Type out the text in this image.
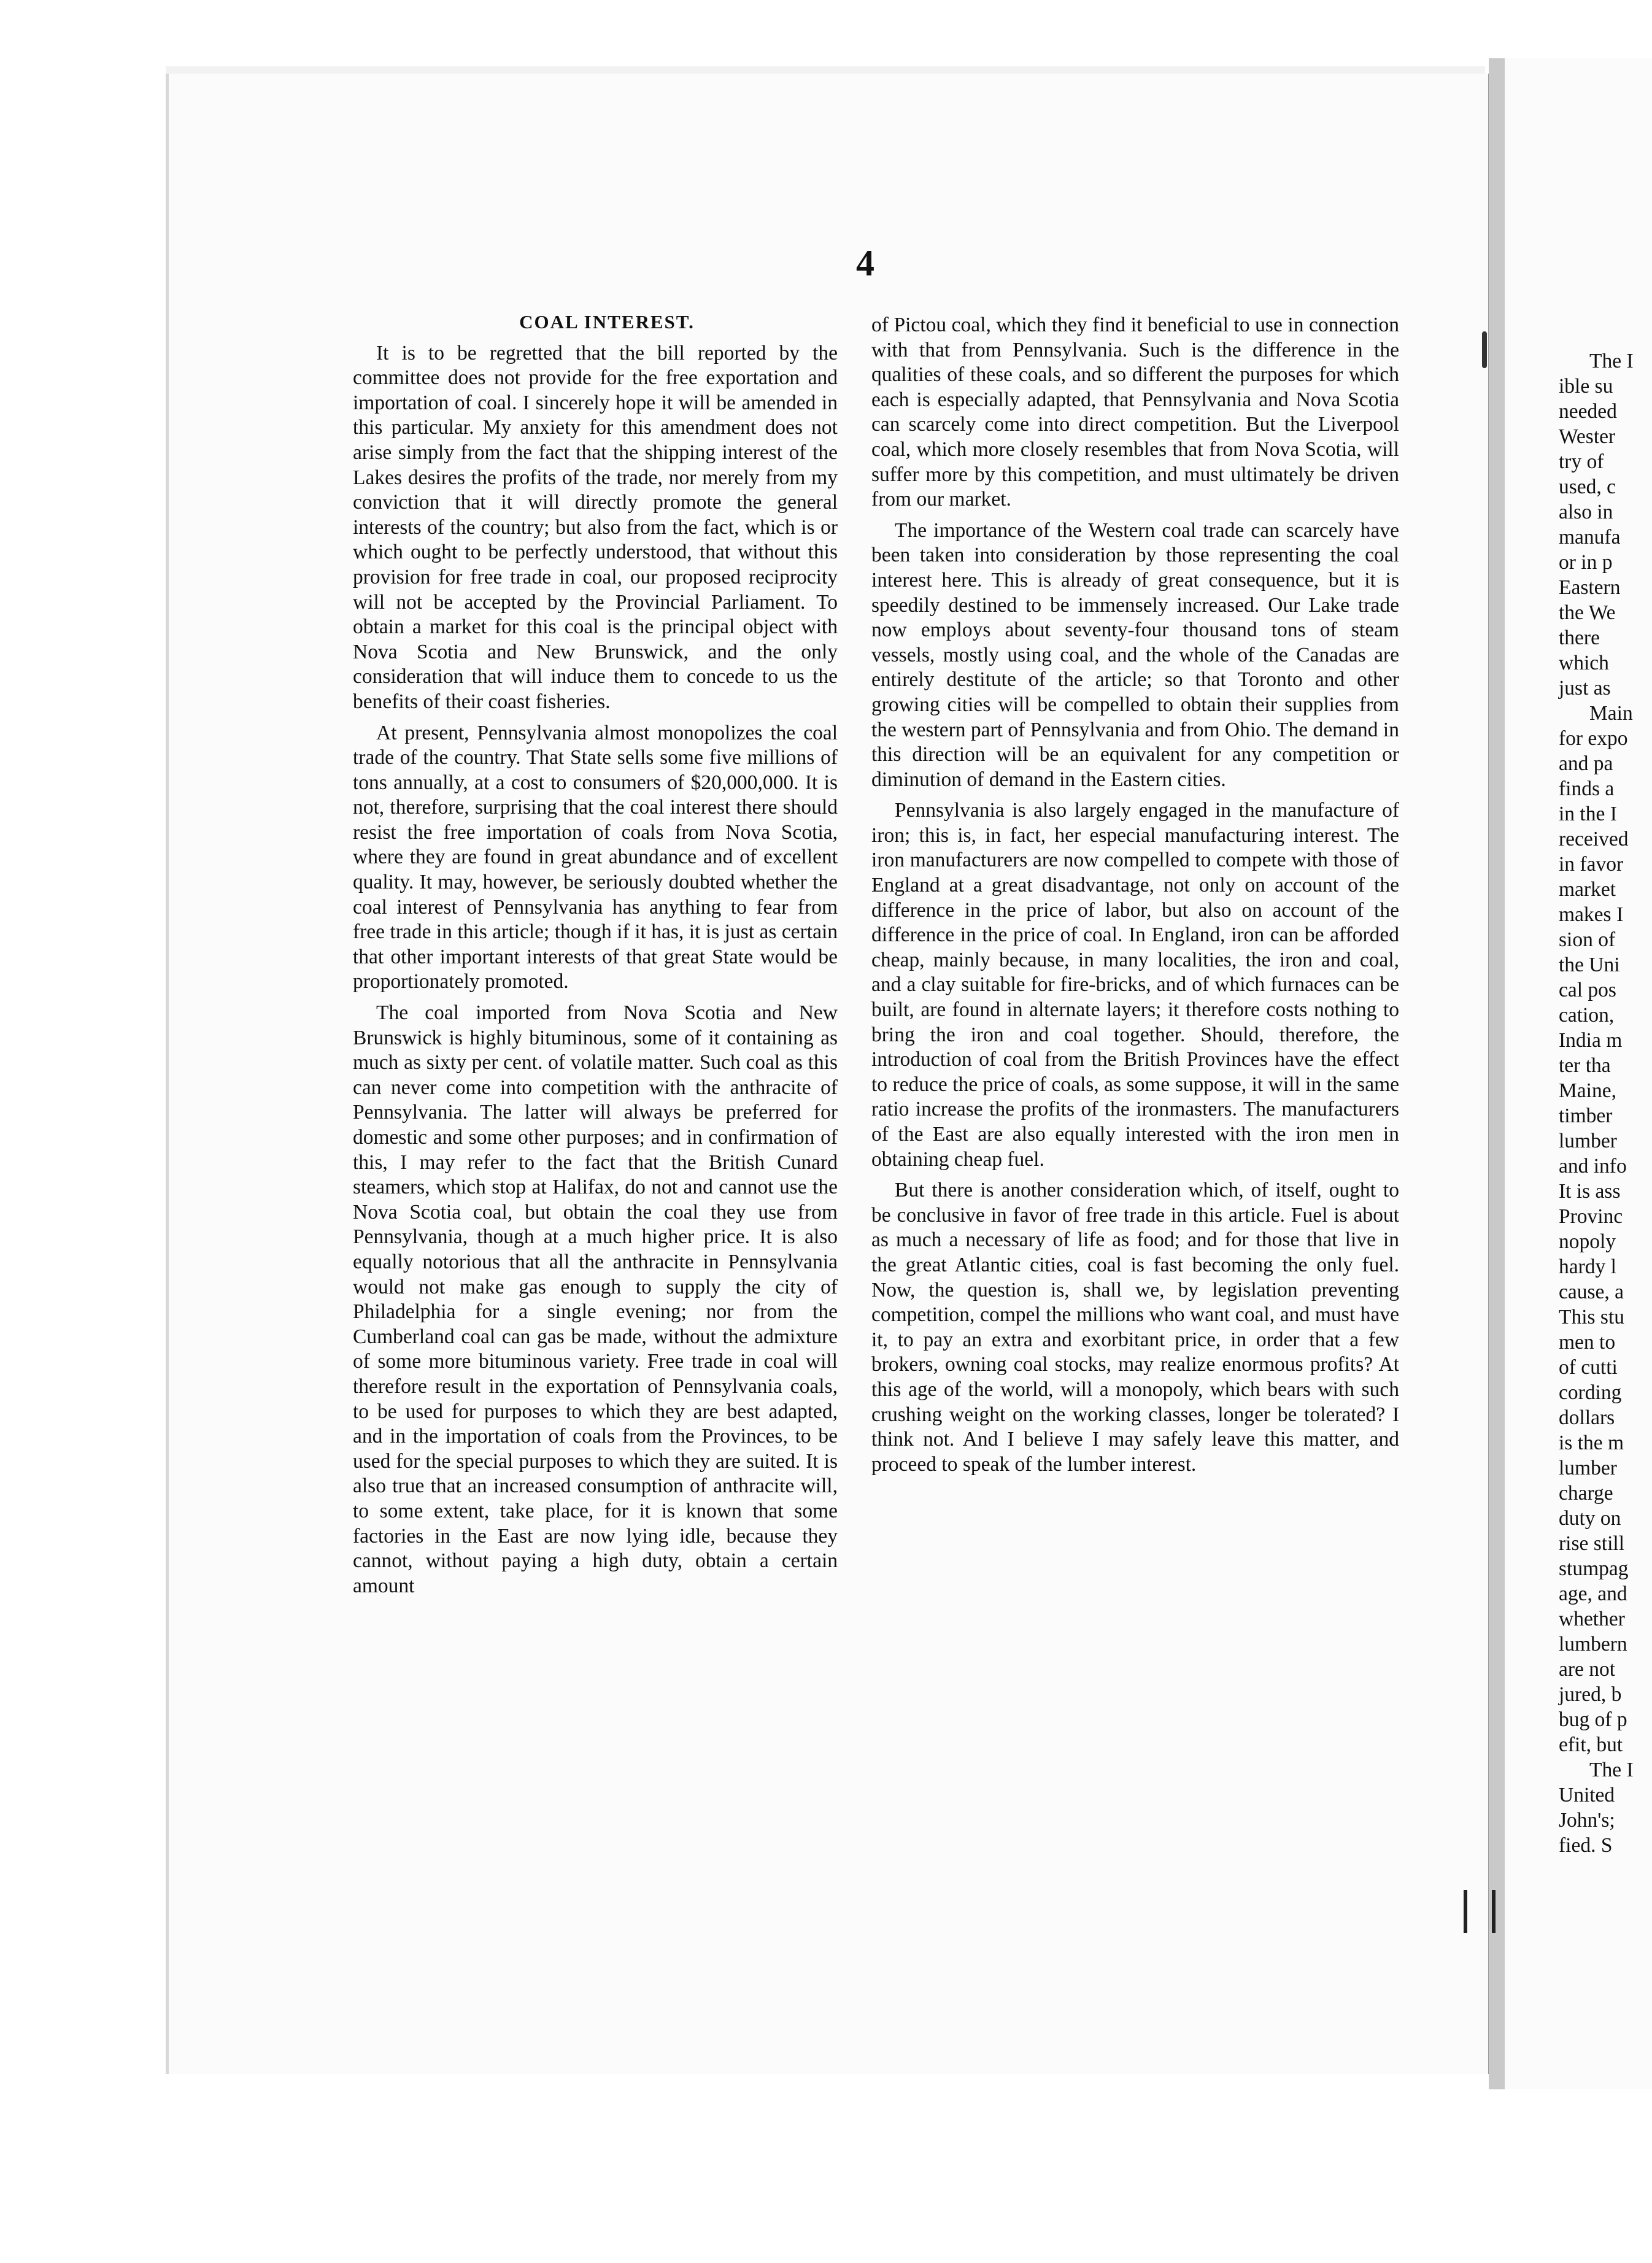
4

COAL INTEREST.

It is to be regretted that the bill reported by the committee does not provide for the free exportation and importation of coal. I sincerely hope it will be amended in this particular. My anxiety for this amendment does not arise simply from the fact that the shipping interest of the Lakes desires the profits of the trade, nor merely from my conviction that it will directly promote the general interests of the country; but also from the fact, which is or which ought to be perfectly understood, that without this provision for free trade in coal, our proposed reciprocity will not be accepted by the Provincial Parliament. To obtain a market for this coal is the principal object with Nova Scotia and New Brunswick, and the only consideration that will induce them to concede to us the benefits of their coast fisheries.

At present, Pennsylvania almost monopolizes the coal trade of the country. That State sells some five millions of tons annually, at a cost to consumers of $20,000,000. It is not, therefore, surprising that the coal interest there should resist the free importation of coals from Nova Scotia, where they are found in great abundance and of excellent quality. It may, however, be seriously doubted whether the coal interest of Pennsylvania has anything to fear from free trade in this article; though if it has, it is just as certain that other important interests of that great State would be proportionately promoted.

The coal imported from Nova Scotia and New Brunswick is highly bituminous, some of it containing as much as sixty per cent. of volatile matter. Such coal as this can never come into competition with the anthracite of Pennsylvania. The latter will always be preferred for domestic and some other purposes; and in confirmation of this, I may refer to the fact that the British Cunard steamers, which stop at Halifax, do not and cannot use the Nova Scotia coal, but obtain the coal they use from Pennsylvania, though at a much higher price. It is also equally notorious that all the anthracite in Pennsylvania would not make gas enough to supply the city of Philadelphia for a single evening; nor from the Cumberland coal can gas be made, without the admixture of some more bituminous variety. Free trade in coal will therefore result in the exportation of Pennsylvania coals, to be used for purposes to which they are best adapted, and in the importation of coals from the Provinces, to be used for the special purposes to which they are suited. It is also true that an increased consumption of anthracite will, to some extent, take place, for it is known that some factories in the East are now lying idle, because they cannot, without paying a high duty, obtain a certain amount

of Pictou coal, which they find it beneficial to use in connection with that from Pennsylvania. Such is the difference in the qualities of these coals, and so different the purposes for which each is especially adapted, that Pennsylvania and Nova Scotia can scarcely come into direct competition. But the Liverpool coal, which more closely resembles that from Nova Scotia, will suffer more by this competition, and must ultimately be driven from our market.

The importance of the Western coal trade can scarcely have been taken into consideration by those representing the coal interest here. This is already of great consequence, but it is speedily destined to be immensely increased. Our Lake trade now employs about seventy-four thousand tons of steam vessels, mostly using coal, and the whole of the Canadas are entirely destitute of the article; so that Toronto and other growing cities will be compelled to obtain their supplies from the western part of Pennsylvania and from Ohio. The demand in this direction will be an equivalent for any competition or diminution of demand in the Eastern cities.

Pennsylvania is also largely engaged in the manufacture of iron; this is, in fact, her especial manufacturing interest. The iron manufacturers are now compelled to compete with those of England at a great disadvantage, not only on account of the difference in the price of labor, but also on account of the difference in the price of coal. In England, iron can be afforded cheap, mainly because, in many localities, the iron and coal, and a clay suitable for fire-bricks, and of which furnaces can be built, are found in alternate layers; it therefore costs nothing to bring the iron and coal together. Should, therefore, the introduction of coal from the British Provinces have the effect to reduce the price of coals, as some suppose, it will in the same ratio increase the profits of the ironmasters. The manufacturers of the East are also equally interested with the iron men in obtaining cheap fuel.

But there is another consideration which, of itself, ought to be conclusive in favor of free trade in this article. Fuel is about as much a necessary of life as food; and for those that live in the great Atlantic cities, coal is fast becoming the only fuel. Now, the question is, shall we, by legislation preventing competition, compel the millions who want coal, and must have it, to pay an extra and exorbitant price, in order that a few brokers, owning coal stocks, may realize enormous profits? At this age of the world, will a monopoly, which bears with such crushing weight on the working classes, longer be tolerated? I think not. And I believe I may safely leave this matter, and proceed to speak of the lumber interest.

The I
ible su
needed
Wester
try of
used, c
also in
manufa
or in p
Eastern
the We
there
which
just as
Main
for expo
and pa
finds a
in the I
received
in favor
market
makes I
sion of
the Uni
cal pos
cation,
India m
ter tha
Maine,
timber
lumber
and info
It is ass
Provinc
nopoly
hardy l
cause, a
This stu
men to
of cutti
cording
dollars
is the m
lumber
charge
duty on
rise still
stumpag
age, and
whether
lumbern
are not
jured, b
bug of p
efit, but
The I
United
John's;
fied. S
